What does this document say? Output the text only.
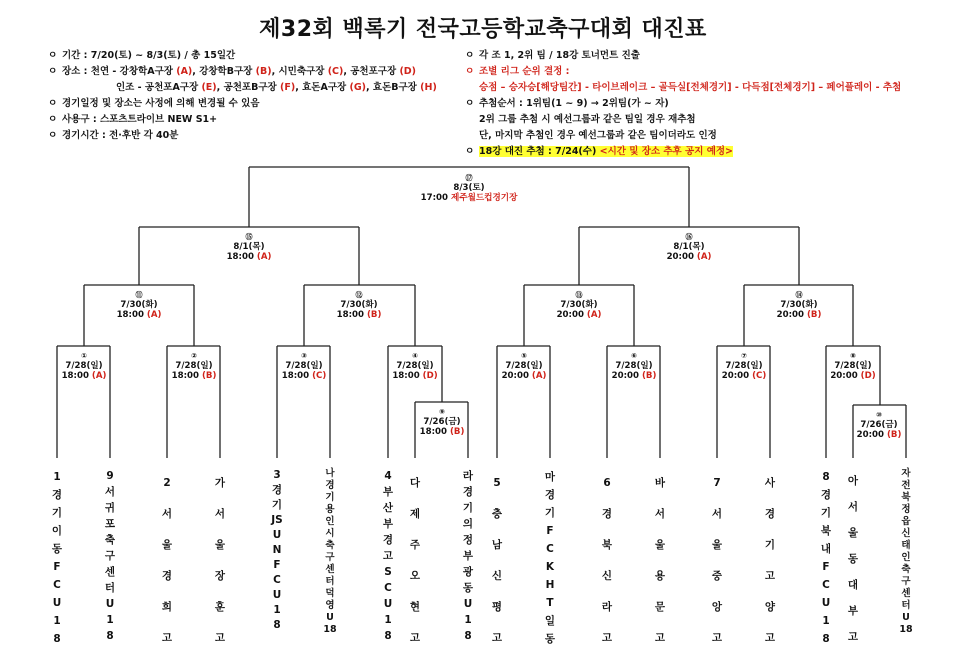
제32회 백록기 전국고등학교축구대회 대진표
ㅇ 기간 : 7/20(토) ~ 8/3(토) / 총 15일간
ㅇ 장소 : 천연 - 강창학A구장 (A), 강창학B구장 (B), 시민축구장 (C), 공천포구장 (D)
인조 - 공천포A구장 (E), 공천포B구장 (F), 효돈A구장 (G), 효돈B구장 (H)
ㅇ 경기일정 및 장소는 사정에 의해 변경될 수 있음
ㅇ 사용구 : 스포츠트라이브 NEW S1+
ㅇ 경기시간 : 전·후반 각 40분
ㅇ 각 조 1, 2위 팀 / 18강 토너먼트 진출
ㅇ 조별 리그 순위 결정 :
승점 – 승자승[해당팀간] - 타이브레이크 – 골득실[전체경기] - 다득점[전체경기] – 페어플레이 - 추첨
ㅇ 추첨순서 : 1위팀(1 ~ 9) → 2위팀(가 ~ 자)
2위 그룹 추첨 시 예선그룹과 같은 팀일 경우 재추첨
단, 마지막 추첨인 경우 예선그룹과 같은 팀이더라도 인정
ㅇ 18강 대진 추첨 : 7/24(수) <시간 및 장소 추후 공지 예정>
①
7/28(일)
18:00 (A)
②
7/28(일)
18:00 (B)
③
7/28(일)
18:00 (C)
④
7/28(일)
18:00 (D)
⑤
7/28(일)
20:00 (A)
⑥
7/28(일)
20:00 (B)
⑦
7/28(일)
20:00 (C)
⑧
7/28(일)
20:00 (D)
⑨
7/26(금)
18:00 (B)
⑩
7/26(금)
20:00 (B)
⑪
7/30(화)
18:00 (A)
⑫
7/30(화)
18:00 (B)
⑬
7/30(화)
20:00 (A)
⑭
7/30(화)
20:00 (B)
⑮
8/1(목)
18:00 (A)
⑯
8/1(목)
20:00 (A)
⑰
8/3(토)
17:00 제주월드컵경기장
1경기이동FCU18
9서귀포축구센터U18
2서울경희고
가서울장훈고
3경기JSUNFCU18
나경기용인시축구센터덕영U18
4부산부경고SCU18
다제주오현고
라경기의정부광동U18
5충남신평고
마경기FCKHT일동
6경북신라고
바서울용문고
7서울중앙고
사경기고양고
8경기북내FCU18
아서울동대부고
자전북정읍신태인축구센터U18
